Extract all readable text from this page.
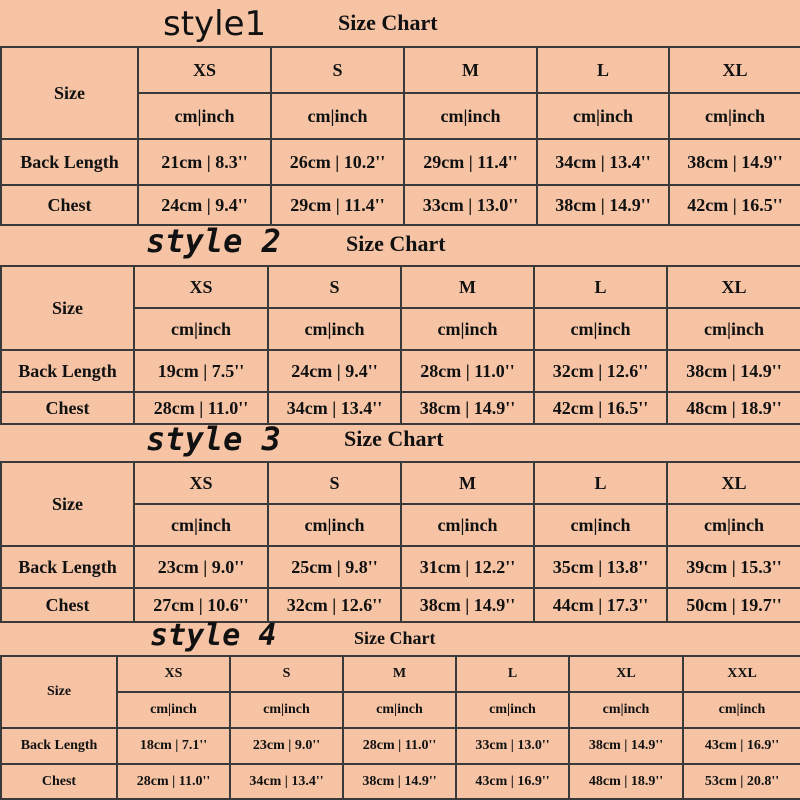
style1	Size Chart
Size	XS	S	M	L	XL
	cm|inch	cm|inch	cm|inch	cm|inch	cm|inch
Back Length	21cm | 8.3''	26cm | 10.2''	29cm | 11.4''	34cm | 13.4''	38cm | 14.9''
Chest	24cm | 9.4''	29cm | 11.4''	33cm | 13.0''	38cm | 14.9''	42cm | 16.5''
style 2	Size Chart
Size	XS	S	M	L	XL
	cm|inch	cm|inch	cm|inch	cm|inch	cm|inch
Back Length	19cm | 7.5''	24cm | 9.4''	28cm | 11.0''	32cm | 12.6''	38cm | 14.9''
Chest	28cm | 11.0''	34cm | 13.4''	38cm | 14.9''	42cm | 16.5''	48cm | 18.9''
style 3	Size Chart
Size	XS	S	M	L	XL
	cm|inch	cm|inch	cm|inch	cm|inch	cm|inch
Back Length	23cm | 9.0''	25cm | 9.8''	31cm | 12.2''	35cm | 13.8''	39cm | 15.3''
Chest	27cm | 10.6''	32cm | 12.6''	38cm | 14.9''	44cm | 17.3''	50cm | 19.7''
style 4	Size Chart
Size	XS	S	M	L	XL	XXL
	cm|inch	cm|inch	cm|inch	cm|inch	cm|inch	cm|inch
Back Length	18cm | 7.1''	23cm | 9.0''	28cm | 11.0''	33cm | 13.0''	38cm | 14.9''	43cm | 16.9''
Chest	28cm | 11.0''	34cm | 13.4''	38cm | 14.9''	43cm | 16.9''	48cm | 18.9''	53cm | 20.8''
